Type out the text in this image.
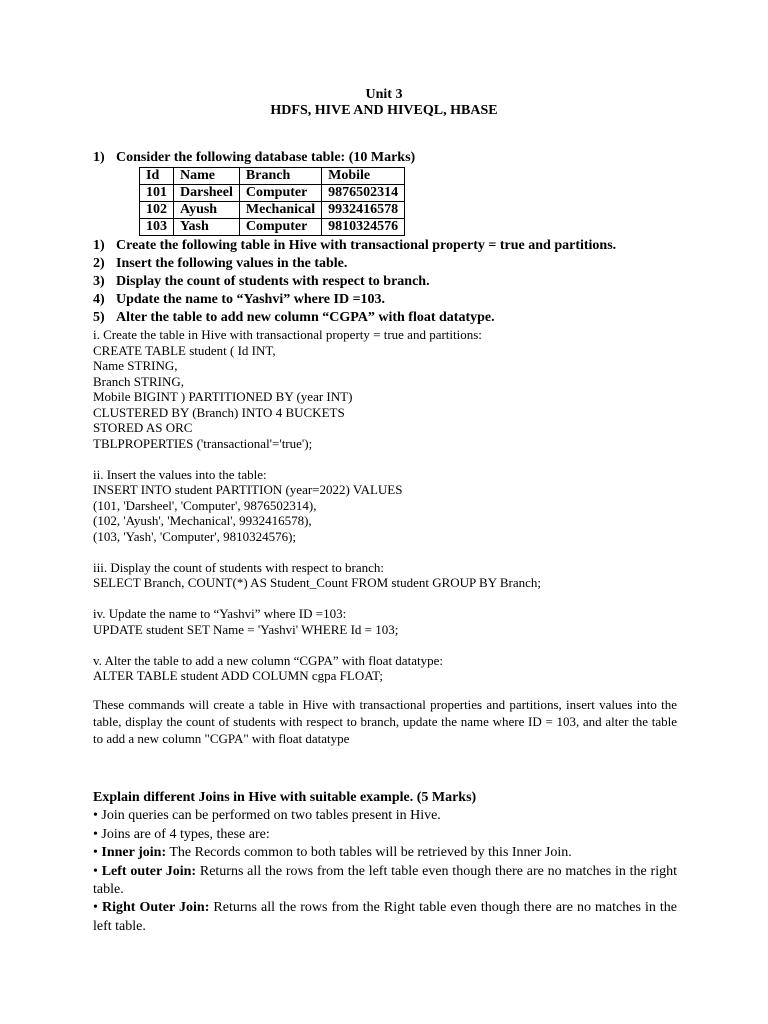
Unit 3
HDFS, HIVE AND HIVEQL, HBASE
1) Consider the following database table: (10 Marks)
Id	Name	Branch	Mobile
101	Darsheel	Computer	9876502314
102	Ayush	Mechanical	9932416578
103	Yash	Computer	9810324576
1) Create the following table in Hive with transactional property = true and partitions.
2) Insert the following values in the table.
3) Display the count of students with respect to branch.
4) Update the name to “Yashvi” where ID =103.
5) Alter the table to add new column “CGPA” with float datatype.
i. Create the table in Hive with transactional property = true and partitions:
CREATE TABLE student ( Id INT,
Name STRING,
Branch STRING,
Mobile BIGINT ) PARTITIONED BY (year INT)
CLUSTERED BY (Branch) INTO 4 BUCKETS
STORED AS ORC
TBLPROPERTIES ('transactional'='true');
ii. Insert the values into the table:
INSERT INTO student PARTITION (year=2022) VALUES
(101, 'Darsheel', 'Computer', 9876502314),
(102, 'Ayush', 'Mechanical', 9932416578),
(103, 'Yash', 'Computer', 9810324576);
iii. Display the count of students with respect to branch:
SELECT Branch, COUNT(*) AS Student_Count FROM student GROUP BY Branch;
iv. Update the name to “Yashvi” where ID =103:
UPDATE student SET Name = 'Yashvi' WHERE Id = 103;
v. Alter the table to add a new column “CGPA” with float datatype:
ALTER TABLE student ADD COLUMN cgpa FLOAT;
These commands will create a table in Hive with transactional properties and partitions, insert values into the table, display the count of students with respect to branch, update the name where ID = 103, and alter the table to add a new column "CGPA" with float datatype
Explain different Joins in Hive with suitable example. (5 Marks)
• Join queries can be performed on two tables present in Hive.
• Joins are of 4 types, these are:
• Inner join: The Records common to both tables will be retrieved by this Inner Join.
• Left outer Join: Returns all the rows from the left table even though there are no matches in the right table.
• Right Outer Join: Returns all the rows from the Right table even though there are no matches in the left table.
